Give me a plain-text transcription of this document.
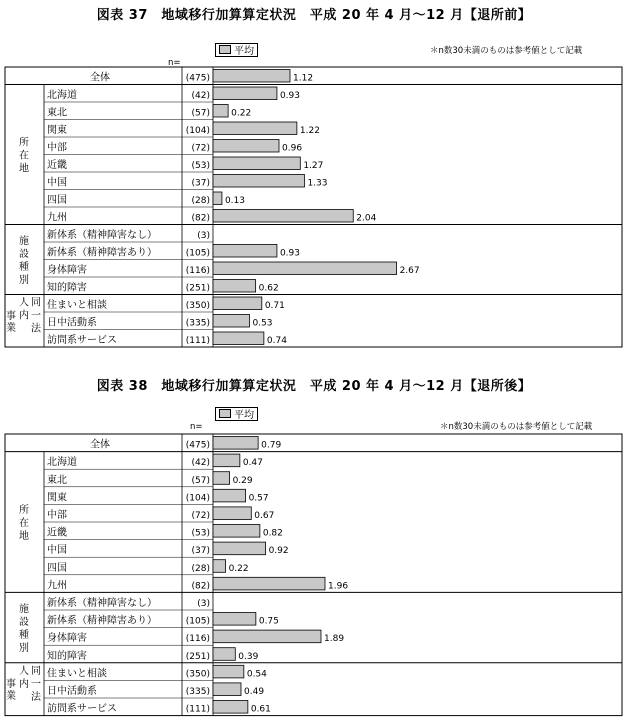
図表 37　地域移行加算算定状況　平成 20 年 4 月～12 月【退所前】
平均	＊n数30未満のものは参考値として記載
n=
所
在
地
施
設
種
別
事
業
同
一
法
人
内
全体	(475)	1.12
北海道	(42)	0.93
東北	(57) 0.22
関東	(104)	1.22
中部	(72)	0.96
近畿	(53)	1.27
中国	(37)	1.33
四国	(28) 0.13
九州	(82)	2.04
新体系（精神障害なし）	(3)
新体系（精神障害あり）	(105)	0.93
身体障害	(116)	2.67
知的障害	(251)	0.62
住まいと相談	(350)	0.71
日中活動系	(335)	0.53
訪問系サービス	(111)	0.74
図表 38　地域移行加算算定状況　平成 20 年 4 月～12 月【退所後】
平均
＊n数30未満のものは参考値として記載
n=
所
在
地
施
設
種
別
事
業
同
一
法
人
内
全体	(475)	0.79
北海道	(42)	0.47
東北	(57)	0.29
関東	(104)	0.57
中部	(72)	0.67
近畿	(53)	0.82
中国	(37)	0.92
四国	(28) 0.22
九州	(82)	1.96
新体系（精神障害なし）	(3)
新体系（精神障害あり）	(105)	0.75
身体障害	(116)	1.89
知的障害	(251)	0.39
住まいと相談	(350)	0.54
日中活動系	(335)	0.49
訪問系サービス	(111)	0.61
